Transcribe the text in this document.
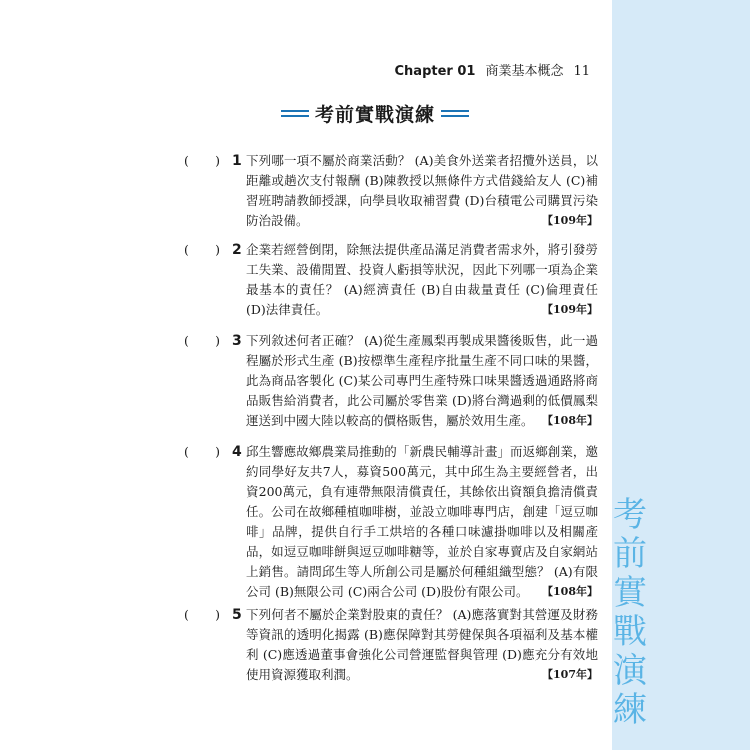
考
前
實
戰
演
練
Chapter 01 商業基本概念 11
考前實戰演練
( ) 1 下列哪一項不屬於商業活動？ (A)美食外送業者招攬外送員，以距離或趟次支付報酬 (B)陳教授以無條件方式借錢給友人 (C)補習班聘請教師授課，向學員收取補習費 (D)台積電公司購買污染防治設備。	【109年】
( ) 2 企業若經營倒閉，除無法提供產品滿足消費者需求外，將引發勞工失業、設備閒置、投資人虧損等狀況，因此下列哪一項為企業最基本的責任？ (A)經濟責任 (B)自由裁量責任 (C)倫理責任 (D)法律責任。	【109年】
( ) 3 下列敘述何者正確？ (A)從生產鳳梨再製成果醬後販售，此一過程屬於形式生產 (B)按標準生產程序批量生產不同口味的果醬，此為商品客製化 (C)某公司專門生產特殊口味果醬透過通路將商品販售給消費者，此公司屬於零售業 (D)將台灣過剩的低價鳳梨運送到中國大陸以較高的價格販售，屬於效用生產。 【108年】
( ) 4 邱生響應故鄉農業局推動的「新農民輔導計畫」而返鄉創業，邀約同學好友共7人，募資500萬元，其中邱生為主要經營者，出資200萬元，負有連帶無限清償責任，其餘依出資額負擔清償責任。公司在故鄉種植咖啡樹，並設立咖啡專門店，創建「逗豆咖啡」品牌，提供自行手工烘培的各種口味濾掛咖啡以及相關產品，如逗豆咖啡餅與逗豆咖啡糖等，並於自家專賣店及自家網站上銷售。請問邱生等人所創公司是屬於何種組織型態？ (A)有限公司 (B)無限公司 (C)兩合公司 (D)股份有限公司。 【108年】
( ) 5 下列何者不屬於企業對股東的責任？ (A)應落實對其營運及財務等資訊的透明化揭露 (B)應保障對其勞健保與各項福利及基本權利 (C)應透過董事會強化公司營運監督與管理 (D)應充分有效地使用資源獲取利潤。	【107年】
